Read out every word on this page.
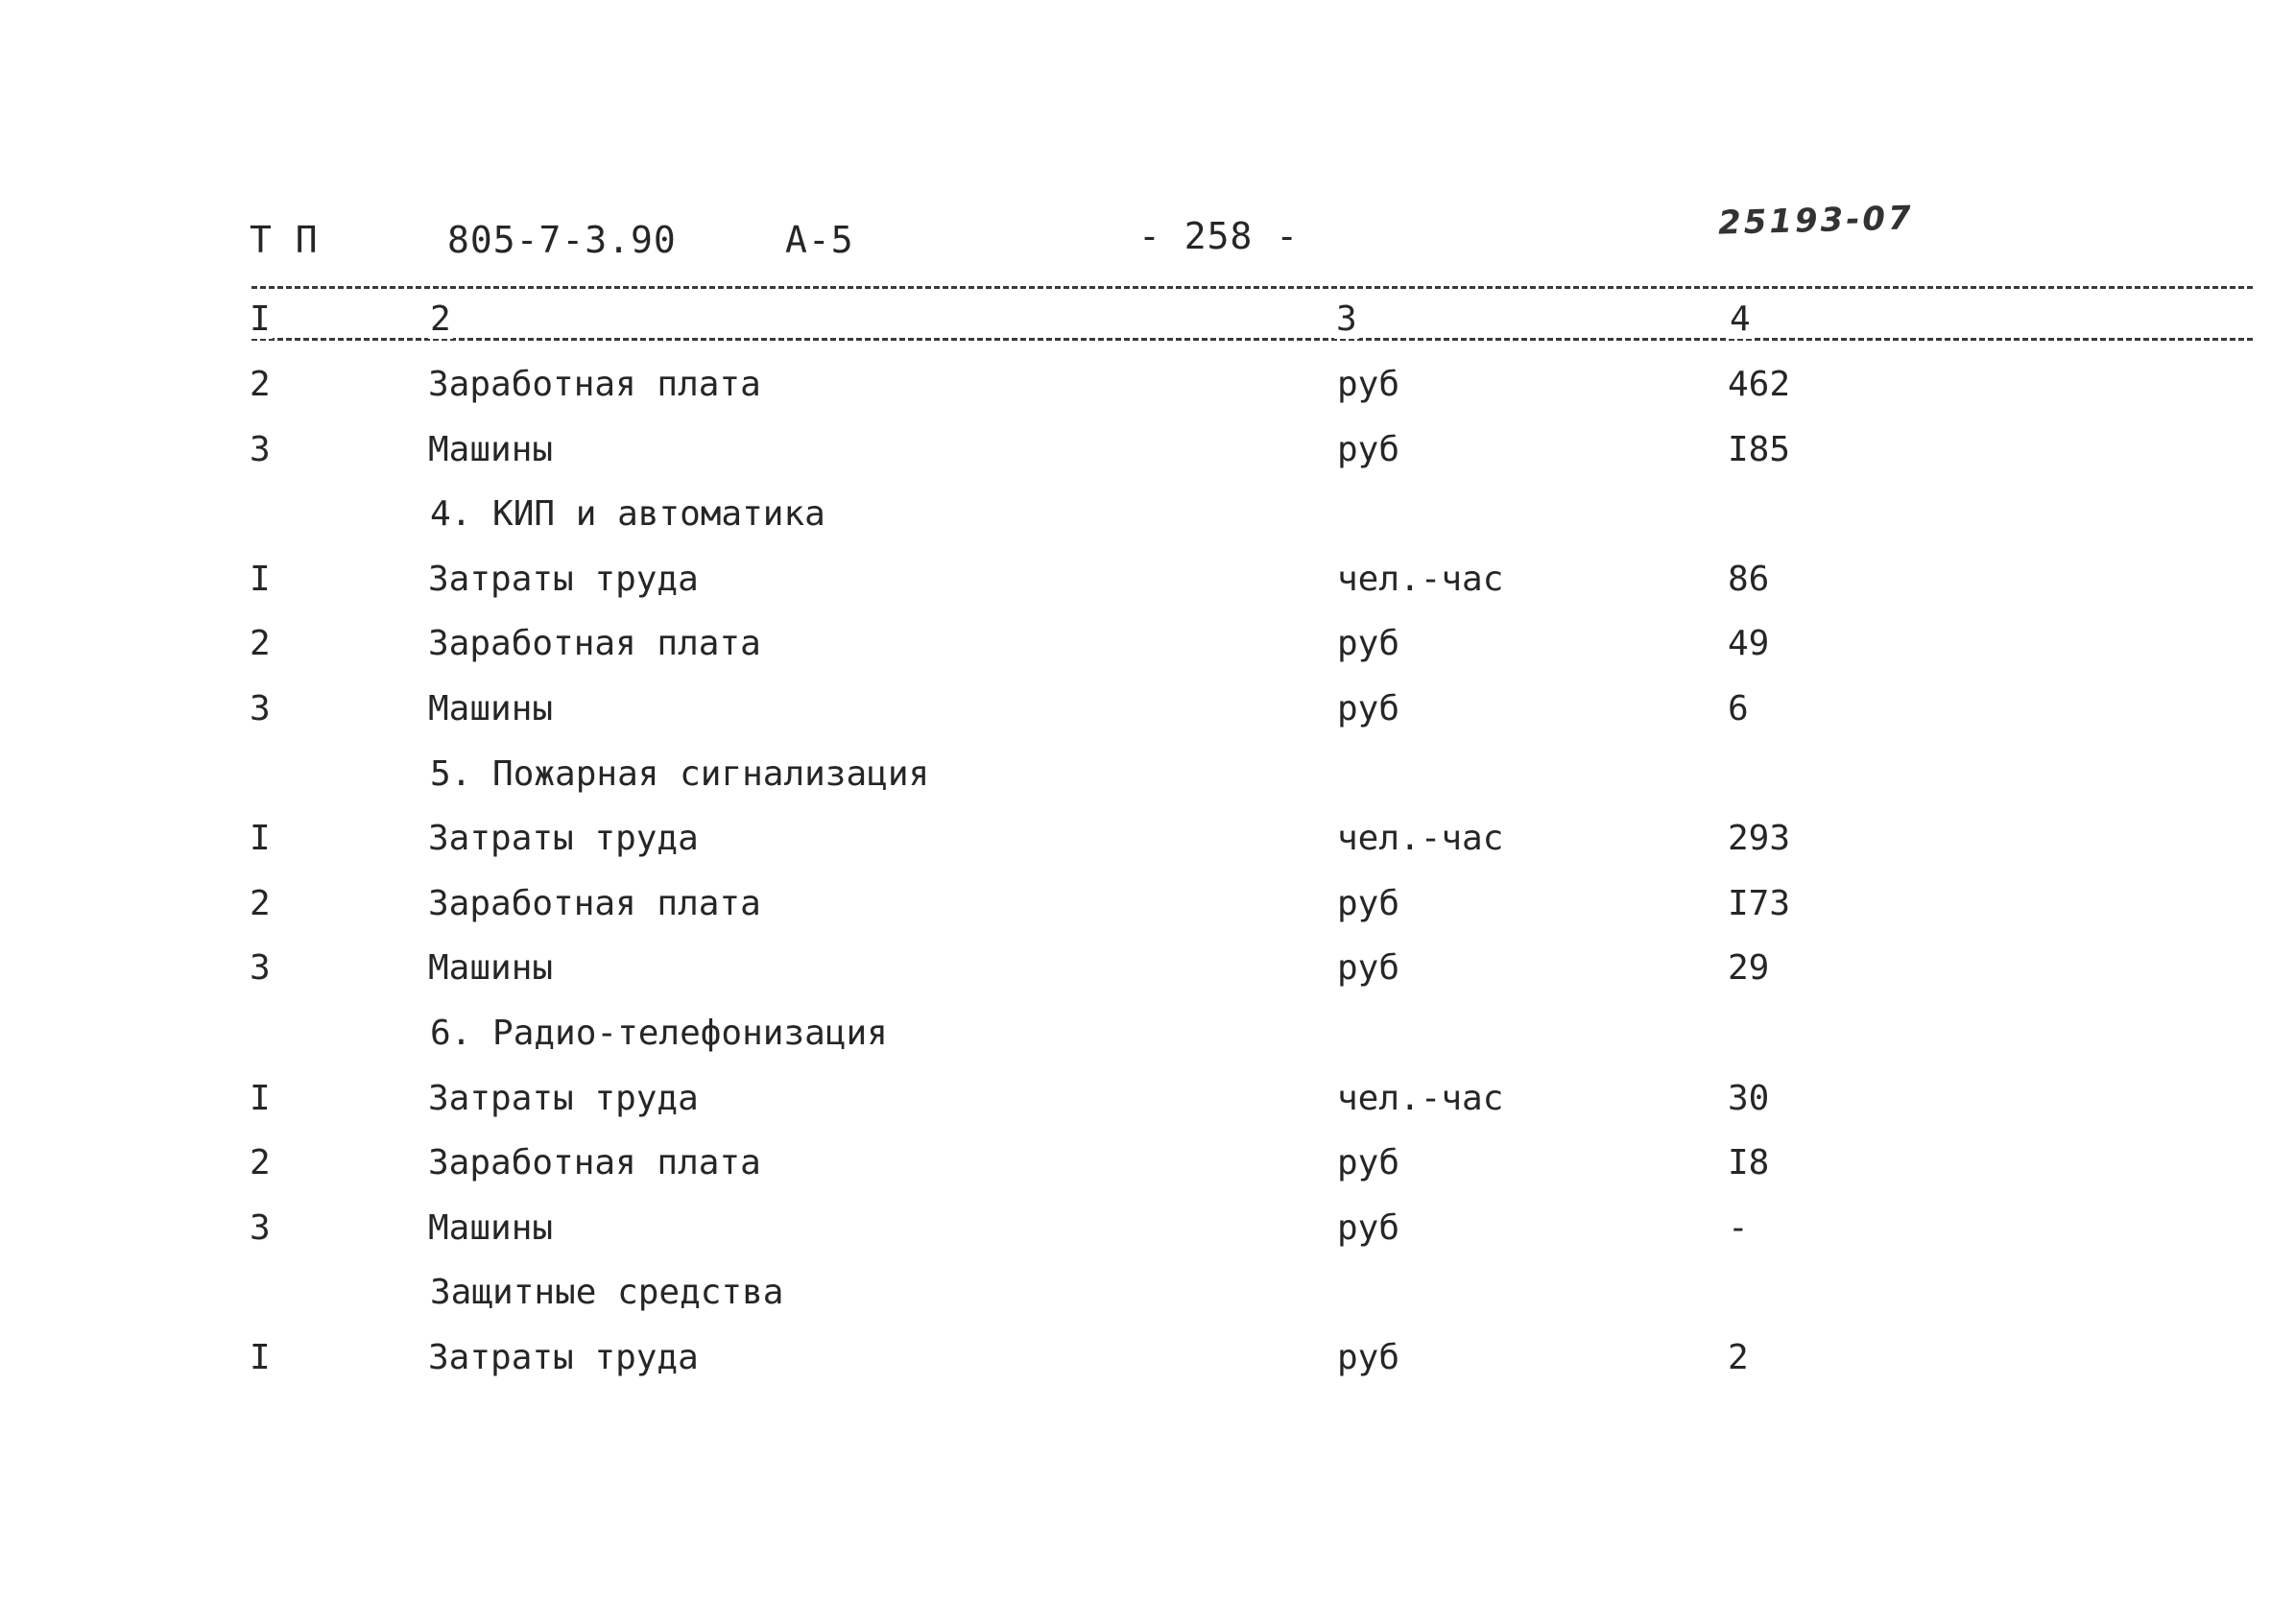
Т П	805-7-3.90	А-5	- 258 -	25193-07
I	2	3	4
2	Заработная плата	руб	462
3	Машины	руб	I85
4. КИП и автоматика
I	Затраты труда	чел.-час	86
2	Заработная плата	руб	49
3	Машины	руб	6
5. Пожарная сигнализация
I	Затраты труда	чел.-час	293
2	Заработная плата	руб	I73
3	Машины	руб	29
6. Радио-телефонизация
I	Затраты труда	чел.-час	30
2	Заработная плата	руб	I8
3	Машины	руб	-
Защитные средства
I	Затраты труда	руб	2
